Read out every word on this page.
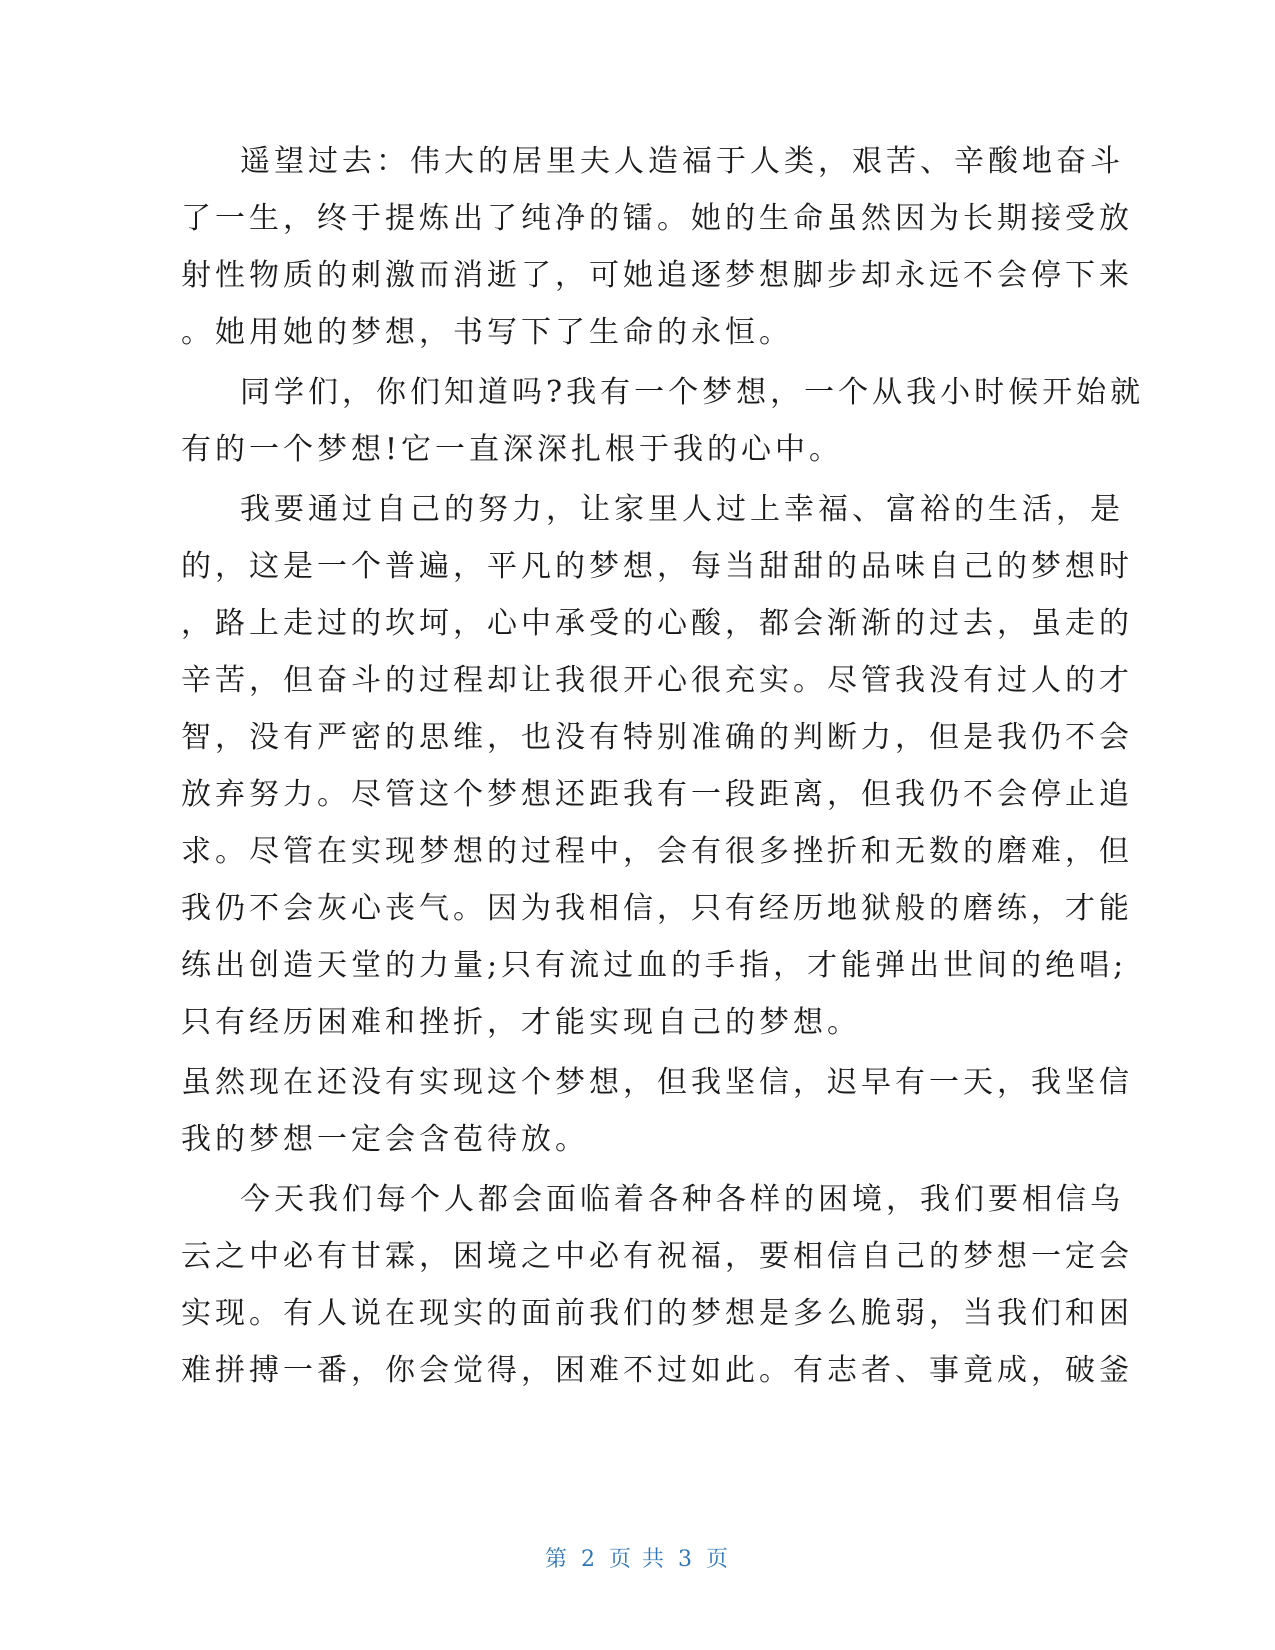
遥望过去：伟大的居里夫人造福于人类，艰苦、辛酸地奋斗
了一生，终于提炼出了纯净的镭。她的生命虽然因为长期接受放
射性物质的刺激而消逝了，可她追逐梦想脚步却永远不会停下来
。她用她的梦想，书写下了生命的永恒。
同学们，你们知道吗?我有一个梦想，一个从我小时候开始就
有的一个梦想!它一直深深扎根于我的心中。
我要通过自己的努力，让家里人过上幸福、富裕的生活，是
的，这是一个普遍，平凡的梦想，每当甜甜的品味自己的梦想时
，路上走过的坎坷，心中承受的心酸，都会渐渐的过去，虽走的
辛苦，但奋斗的过程却让我很开心很充实。尽管我没有过人的才
智，没有严密的思维，也没有特别准确的判断力，但是我仍不会
放弃努力。尽管这个梦想还距我有一段距离，但我仍不会停止追
求。尽管在实现梦想的过程中，会有很多挫折和无数的磨难，但
我仍不会灰心丧气。因为我相信，只有经历地狱般的磨练，才能
练出创造天堂的力量;只有流过血的手指，才能弹出世间的绝唱;
只有经历困难和挫折，才能实现自己的梦想。
虽然现在还没有实现这个梦想，但我坚信，迟早有一天，我坚信
我的梦想一定会含苞待放。
今天我们每个人都会面临着各种各样的困境，我们要相信乌
云之中必有甘霖，困境之中必有祝福，要相信自己的梦想一定会
实现。有人说在现实的面前我们的梦想是多么脆弱，当我们和困
难拼搏一番，你会觉得，困难不过如此。有志者、事竟成，破釜
第 2 页 共 3 页
